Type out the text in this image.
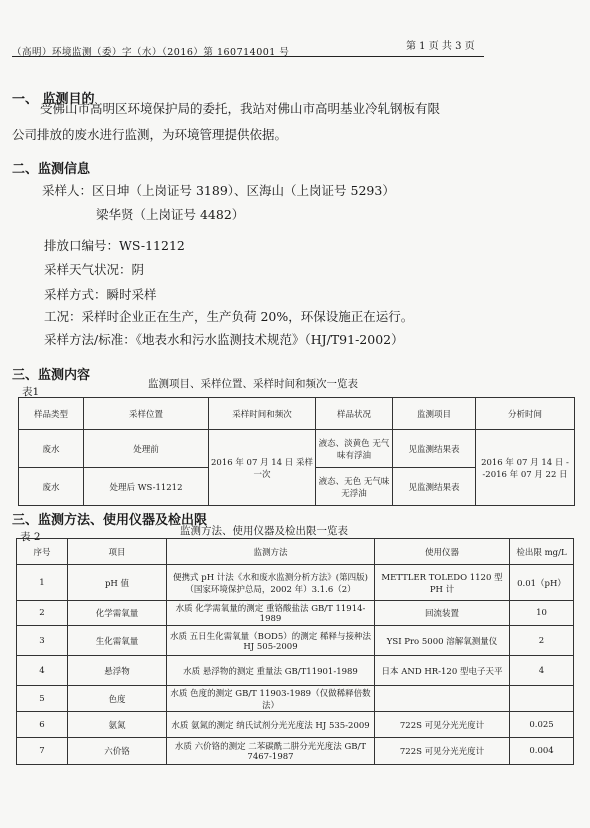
（高明）环境监测（委）字（水）（2016）第 160714001 号
第 1 页 共 3 页
一、 监测目的
受佛山市高明区环境保护局的委托，我站对佛山市高明基业冷轧钢板有限
公司排放的废水进行监测，为环境管理提供依据。
二、监测信息
采样人：区日坤（上岗证号 3189）、区海山（上岗证号 5293）
梁华贤（上岗证号 4482）
排放口编号：WS-11212
采样天气状况：阴
采样方式：瞬时采样
工况：采样时企业正在生产，生产负荷 20%，环保设施正在运行。
采样方法/标准：《地表水和污水监测技术规范》（HJ/T91-2002）
三、监测内容
表1
监测项目、采样位置、采样时间和频次一览表
样品类型	采样位置	采样时间和频次	样品状况	监测项目	分析时间
废水	处理前	2016 年 07 月 14 日 采样一次	液态、淡黄色 无气味有浮油	见监测结果表	2016 年 07 月 14 日 --2016 年 07 月 22 日
废水	处理后 WS-11212		液态、无色 无气味无浮油	见监测结果表	
三、监测方法、使用仪器及检出限
表 2	监测方法、使用仪器及检出限一览表
序号	项目	监测方法	使用仪器	检出限 mg/L
1	pH 值	便携式 pH 计法《水和废水监测分析方法》(第四版)（国家环境保护总局，2002 年）3.1.6（2）	METTLER TOLEDO 1120 型 PH 计	0.01（pH）
2	化学需氧量	水质 化学需氧量的测定 重铬酸盐法 GB/T 11914-1989	回流装置	10
3	生化需氧量	水质 五日生化需氧量（BOD5）的测定 稀释与接种法 HJ 505-2009	YSI Pro 5000 溶解氧测量仪	2
4	悬浮物	水质 悬浮物的测定 重量法 GB/T11901-1989	日本 AND HR-120 型电子天平	4
5	色度	水质 色度的测定 GB/T 11903-1989（仅做稀释倍数法）		
6	氨氮	水质 氨氮的测定 纳氏试剂分光光度法 HJ 535-2009	722S 可见分光光度计	0.025
7	六价铬	水质 六价铬的测定 二苯碳酰二肼分光光度法 GB/T 7467-1987	722S 可见分光光度计	0.004
